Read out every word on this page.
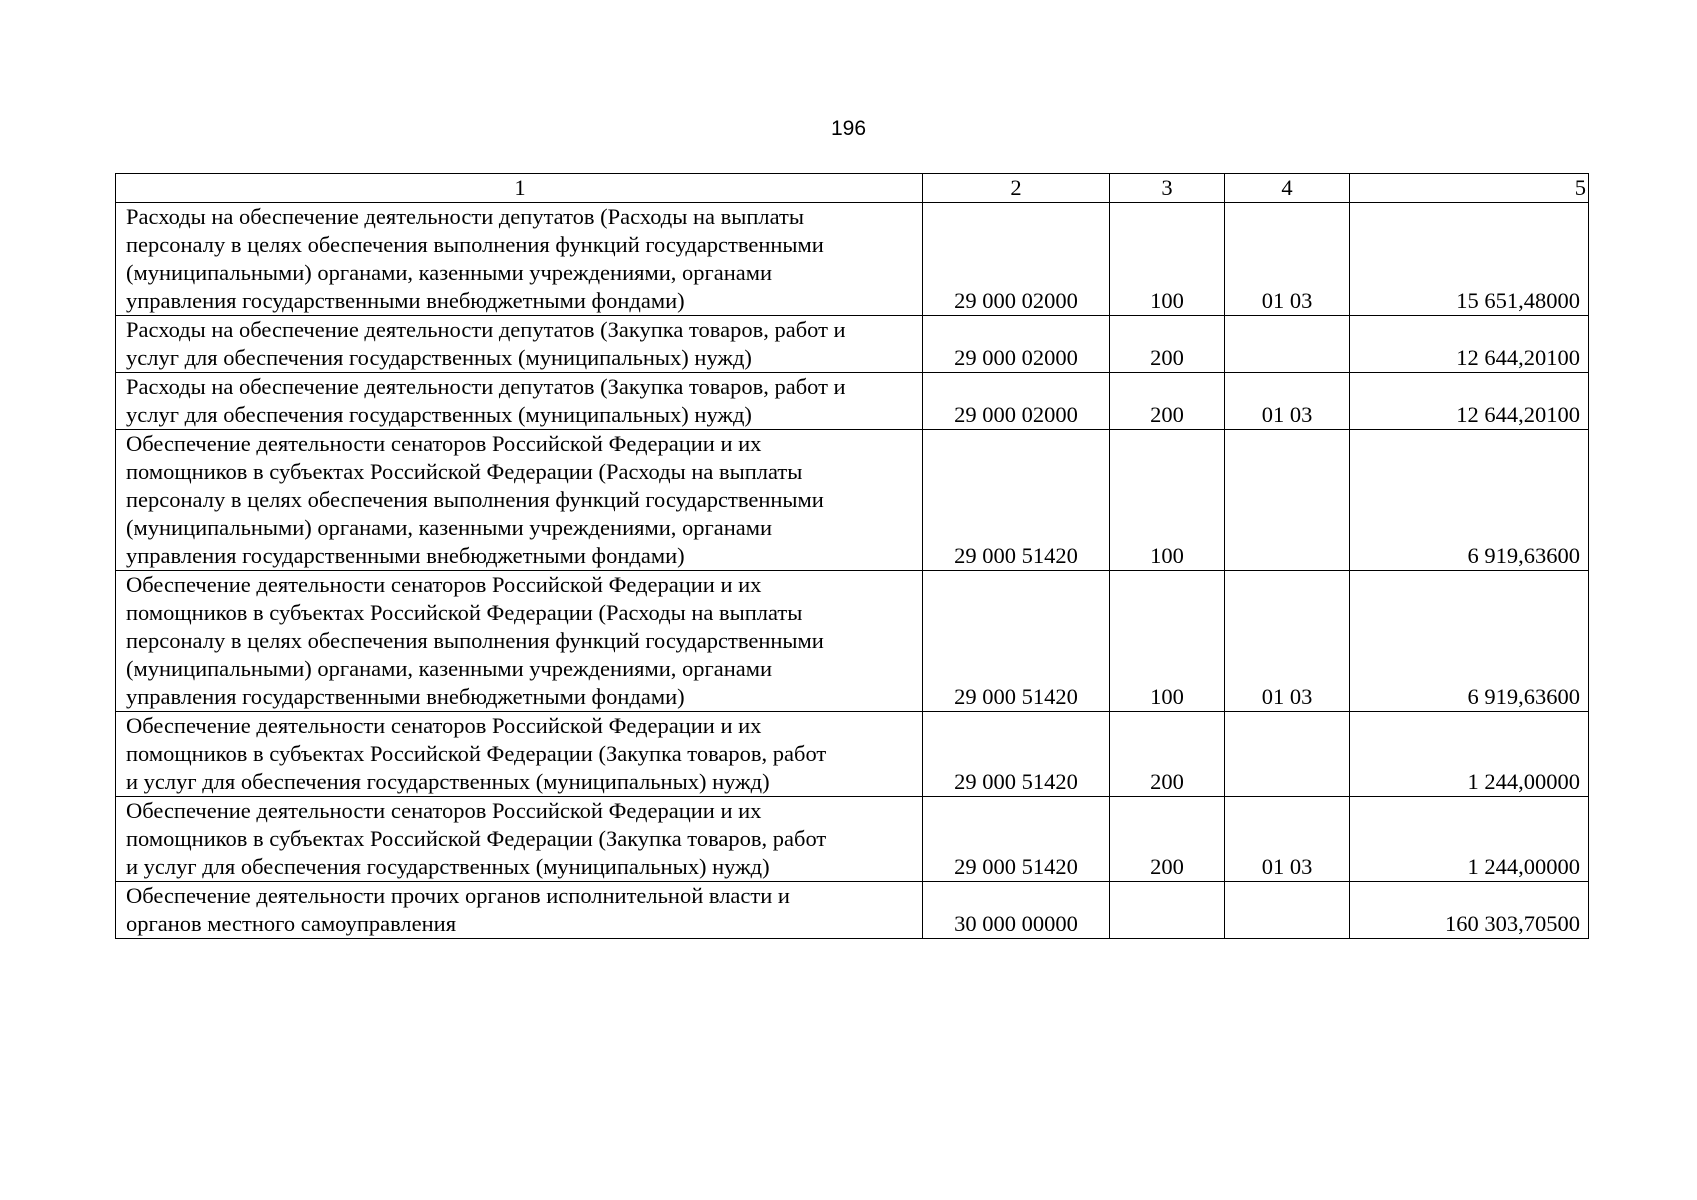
196
1	2	3	4	5

Расходы на обеспечение деятельности депутатов (Расходы на выплаты
персоналу в целях обеспечения выполнения функций государственными
(муниципальными) органами, казенными учреждениями, органами
управления государственными внебюджетными фондами)	29 000 02000	100	01 03	15 651,48000

Расходы на обеспечение деятельности депутатов (Закупка товаров, работ и
услуг для обеспечения государственных (муниципальных) нужд)	29 000 02000	200		12 644,20100

Расходы на обеспечение деятельности депутатов (Закупка товаров, работ и
услуг для обеспечения государственных (муниципальных) нужд)	29 000 02000	200	01 03	12 644,20100

Обеспечение деятельности сенаторов Российской Федерации и их
помощников в субъектах Российской Федерации (Расходы на выплаты
персоналу в целях обеспечения выполнения функций государственными
(муниципальными) органами, казенными учреждениями, органами
управления государственными внебюджетными фондами)	29 000 51420	100		6 919,63600

Обеспечение деятельности сенаторов Российской Федерации и их
помощников в субъектах Российской Федерации (Расходы на выплаты
персоналу в целях обеспечения выполнения функций государственными
(муниципальными) органами, казенными учреждениями, органами
управления государственными внебюджетными фондами)	29 000 51420	100	01 03	6 919,63600

Обеспечение деятельности сенаторов Российской Федерации и их
помощников в субъектах Российской Федерации (Закупка товаров, работ
и услуг для обеспечения государственных (муниципальных) нужд)	29 000 51420	200		1 244,00000

Обеспечение деятельности сенаторов Российской Федерации и их
помощников в субъектах Российской Федерации (Закупка товаров, работ
и услуг для обеспечения государственных (муниципальных) нужд)	29 000 51420	200	01 03	1 244,00000

Обеспечение деятельности прочих органов исполнительной власти и
органов местного самоуправления	30 000 00000			160 303,70500
